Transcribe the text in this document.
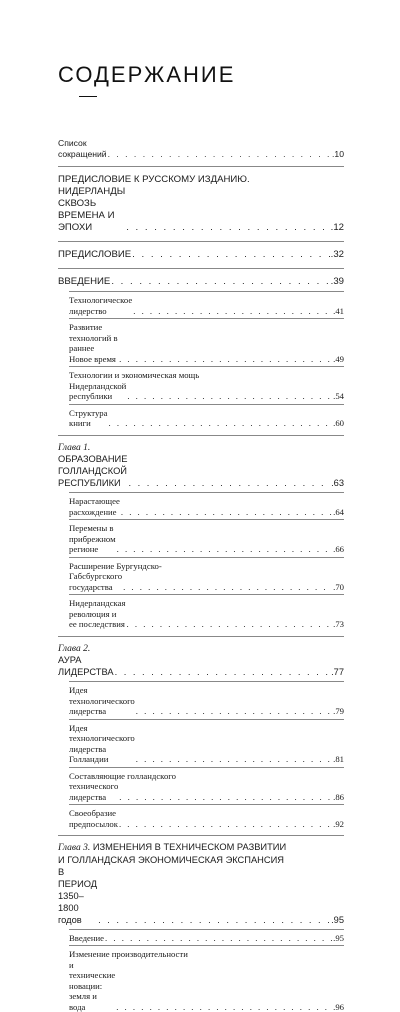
СОДЕРЖАНИЕ
Список сокращений . . .	.10
ПРЕДИСЛОВИЕ К РУССКОМУ ИЗДАНИЮ.
НИДЕРЛАНДЫ СКВОЗЬ ВРЕМЕНА И ЭПОХИ . . .	.12
ПРЕДИСЛОВИЕ . . .	.32
ВВЕДЕНИЕ . . .	.39
Технологическое лидерство . . .	.41
Развитие технологий в раннее Новое время . . .	.49
Технологии и экономическая мощь
Нидерландской республики . . .	.54
Структура книги . . .	.60
Глава 1. ОБРАЗОВАНИЕ ГОЛЛАНДСКОЙ РЕСПУБЛИКИ . . .	.63
Нарастающее расхождение . . .	.64
Перемены в прибрежном регионе . . .	.66
Расширение Бургундско-
Габсбургского государства . . .	.70
Нидерландская революция и ее последствия . . .	.73
Глава 2. АУРА ЛИДЕРСТВА . . .	.77
Идея технологического лидерства . . .	.79
Идея технологического лидерства Голландии . . .	.81
Составляющие голландского
технического лидерства . . .	.86
Своеобразие предпосылок . . .	.92
Глава 3. ИЗМЕНЕНИЯ В ТЕХНИЧЕСКОМ РАЗВИТИИ
И ГОЛЛАНДСКАЯ ЭКОНОМИЧЕСКАЯ ЭКСПАНСИЯ
В ПЕРИОД 1350–1800 годов . . .	.95
Введение . . .	.95
Изменение производительности
и технические новации: земля и вода . . .	.96
